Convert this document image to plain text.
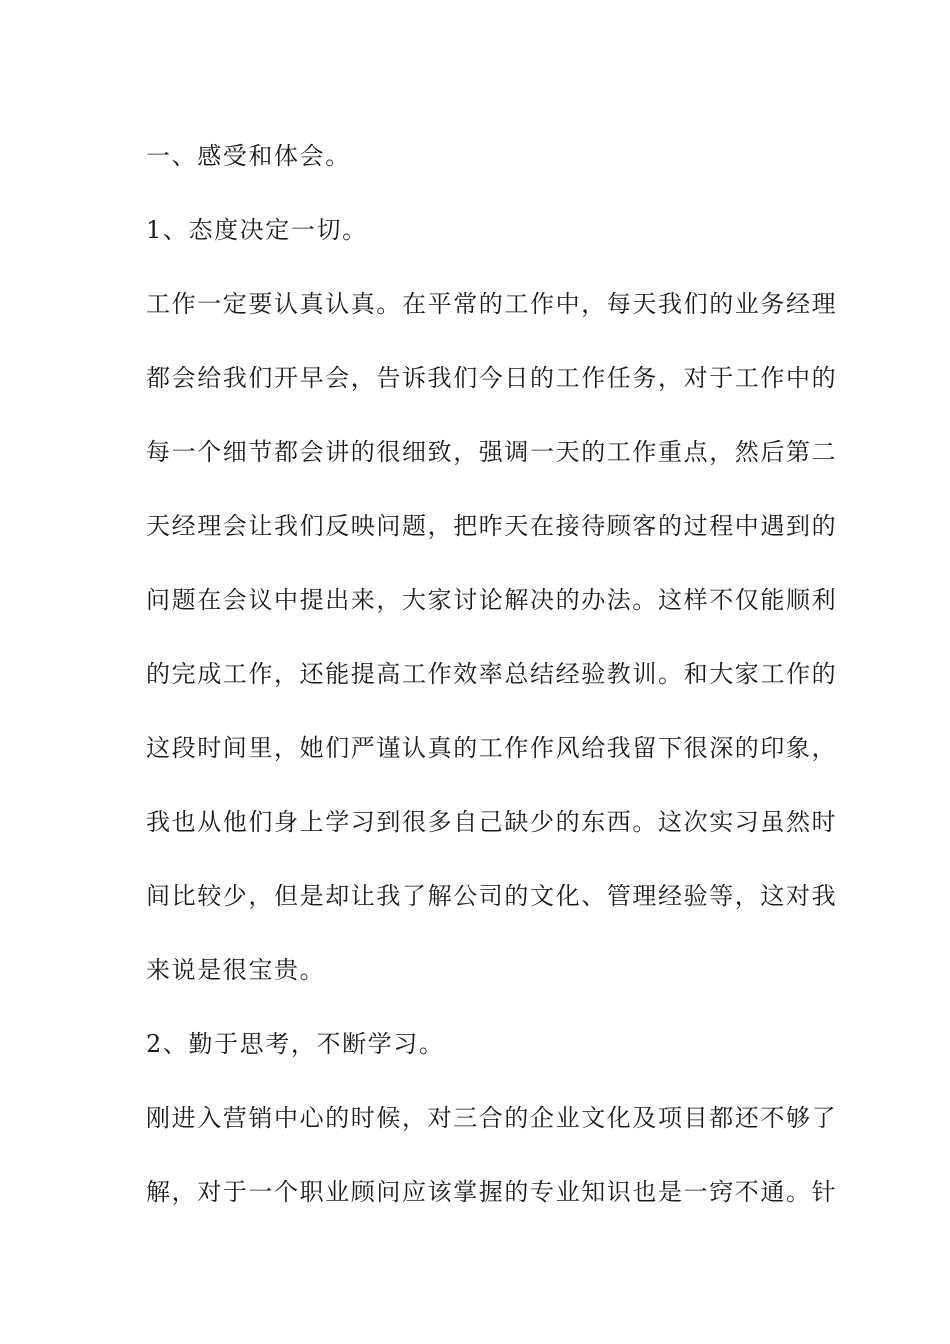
一、感受和体会。
1、态度决定一切。
工作一定要认真认真。在平常的工作中，每天我们的业务经理
都会给我们开早会，告诉我们今日的工作任务，对于工作中的
每一个细节都会讲的很细致，强调一天的工作重点，然后第二
天经理会让我们反映问题，把昨天在接待顾客的过程中遇到的
问题在会议中提出来，大家讨论解决的办法。这样不仅能顺利
的完成工作，还能提高工作效率总结经验教训。和大家工作的
这段时间里，她们严谨认真的工作作风给我留下很深的印象，
我也从他们身上学习到很多自己缺少的东西。这次实习虽然时
间比较少，但是却让我了解公司的文化、管理经验等，这对我
来说是很宝贵。
2、勤于思考，不断学习。
刚进入营销中心的时候，对三合的企业文化及项目都还不够了
解，对于一个职业顾问应该掌握的专业知识也是一窍不通。针
